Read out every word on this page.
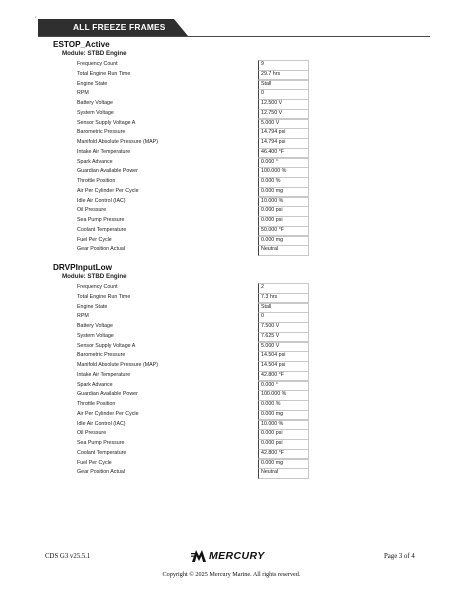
'
ALL FREEZE FRAMES
ESTOP_Active
Module: STBD Engine
Frequency Count	9
Total Engine Run Time	29.7 hrs
Engine State	Stall
RPM	0
Battery Voltage	12.500 V
System Voltage	12.750 V
Sensor Supply Voltage A	5.000 V
Barometric Pressure	14.794 psi
Manifold Absolute Pressure (MAP)	14.794 psi
Intake Air Temperature	46.400 °F
Spark Advance	0.000 °
Guardian Available Power	100.000 %
Throttle Position	0.000 %
Air Per Cylinder Per Cycle	0.000 mg
Idle Air Control (IAC)	10.000 %
Oil Pressure	0.000 psi
Sea Pump Pressure	0.000 psi
Coolant Temperature	50.000 °F
Fuel Per Cycle	0.000 mg
Gear Position Actual	Neutral
DRVPInputLow
Module: STBD Engine
Frequency Count	2
Total Engine Run Time	7.3 hrs
Engine State	Stall
RPM	0
Battery Voltage	7.500 V
System Voltage	7.625 V
Sensor Supply Voltage A	5.000 V
Barometric Pressure	14.504 psi
Manifold Absolute Pressure (MAP)	14.504 psi
Intake Air Temperature	42.800 °F
Spark Advance	0.000 °
Guardian Available Power	100.000 %
Throttle Position	0.000 %
Air Per Cylinder Per Cycle	0.000 mg
Idle Air Control (IAC)	10.000 %
Oil Pressure	0.000 psi
Sea Pump Pressure	0.000 psi
Coolant Temperature	42.800 °F
Fuel Per Cycle	0.000 mg
Gear Position Actual	Neutral
CDS G3 v25.5.1	MERCURY	Page 3 of 4
Copyright © 2025 Mercury Marine. All rights reserved.
